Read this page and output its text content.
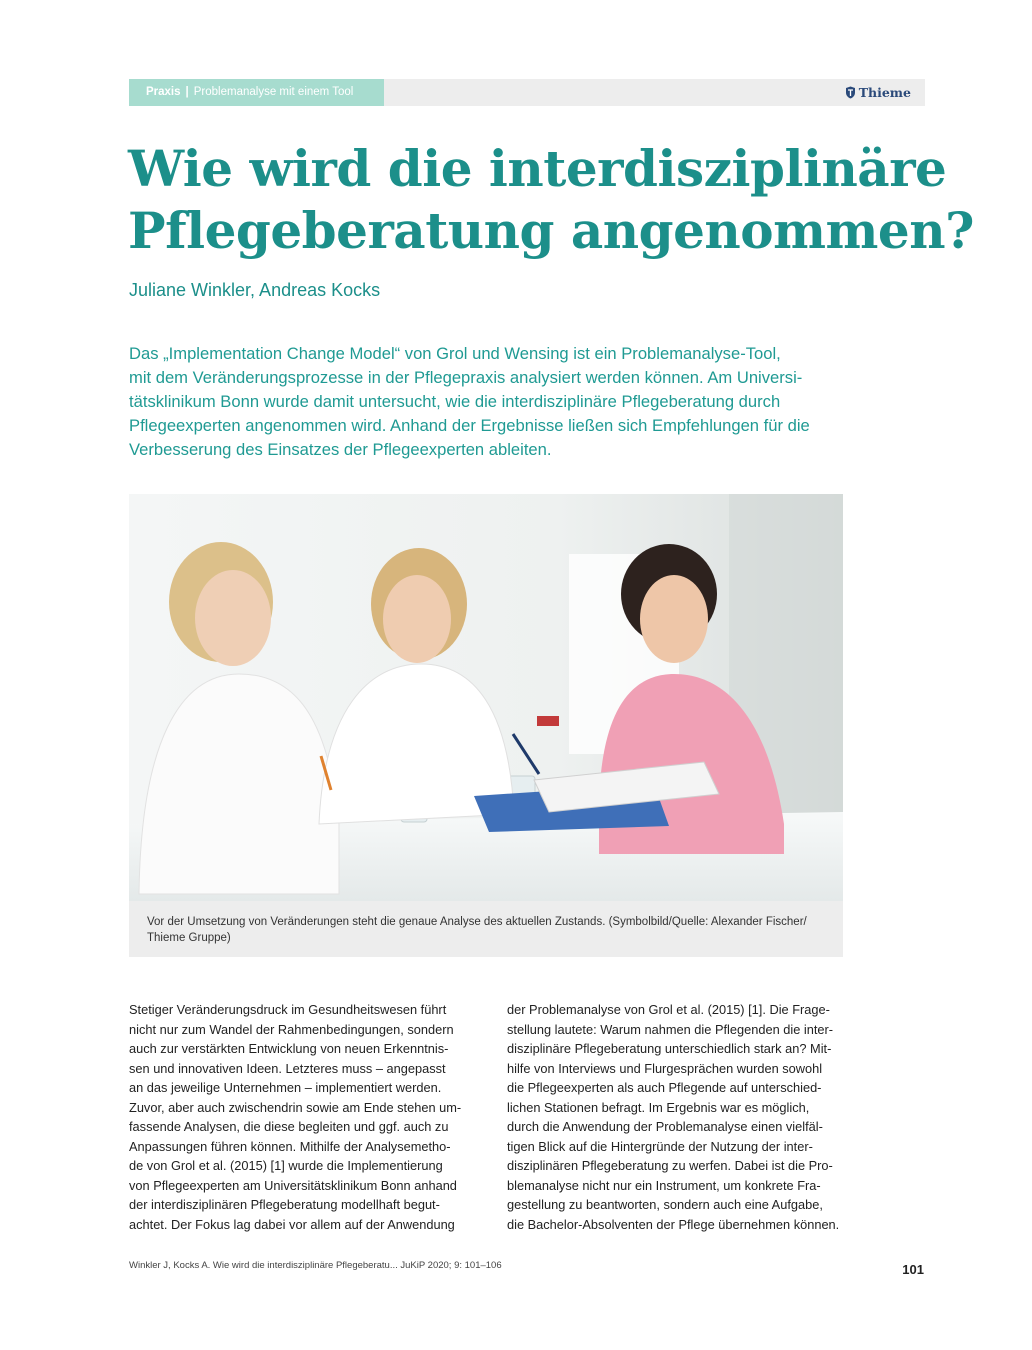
Praxis | Problemanalyse mit einem Tool	Thieme
Wie wird die interdisziplinäre
Pflegeberatung angenommen?
Juliane Winkler, Andreas Kocks
Das „Implementation Change Model“ von Grol und Wensing ist ein Problemanalyse-Tool,
mit dem Veränderungsprozesse in der Pflegepraxis analysiert werden können. Am Universi-
tätsklinikum Bonn wurde damit untersucht, wie die interdisziplinäre Pflegeberatung durch
Pflegeexperten angenommen wird. Anhand der Ergebnisse ließen sich Empfehlungen für die
Verbesserung des Einsatzes der Pflegeexperten ableiten.
Vor der Umsetzung von Veränderungen steht die genaue Analyse des aktuellen Zustands. (Symbolbild/Quelle: Alexander Fischer/
Thieme Gruppe)
Stetiger Veränderungsdruck im Gesundheitswesen führt
nicht nur zum Wandel der Rahmenbedingungen, sondern
auch zur verstärkten Entwicklung von neuen Erkenntnis-
sen und innovativen Ideen. Letzteres muss – angepasst
an das jeweilige Unternehmen – implementiert werden.
Zuvor, aber auch zwischendrin sowie am Ende stehen um-
fassende Analysen, die diese begleiten und ggf. auch zu
Anpassungen führen können. Mithilfe der Analysemetho-
de von Grol et al. (2015) [1] wurde die Implementierung
von Pflegeexperten am Universitätsklinikum Bonn anhand
der interdisziplinären Pflegeberatung modellhaft begut-
achtet. Der Fokus lag dabei vor allem auf der Anwendung
der Problemanalyse von Grol et al. (2015) [1]. Die Frage-
stellung lautete: Warum nahmen die Pflegenden die inter-
disziplinäre Pflegeberatung unterschiedlich stark an? Mit-
hilfe von Interviews und Flurgesprächen wurden sowohl
die Pflegeexperten als auch Pflegende auf unterschied-
lichen Stationen befragt. Im Ergebnis war es möglich,
durch die Anwendung der Problemanalyse einen vielfäl-
tigen Blick auf die Hintergründe der Nutzung der inter-
disziplinären Pflegeberatung zu werfen. Dabei ist die Pro-
blemanalyse nicht nur ein Instrument, um konkrete Fra-
gestellung zu beantworten, sondern auch eine Aufgabe,
die Bachelor-Absolventen der Pflege übernehmen können.
Winkler J, Kocks A. Wie wird die interdisziplinäre Pflegeberatu... JuKiP 2020; 9: 101–106	101
